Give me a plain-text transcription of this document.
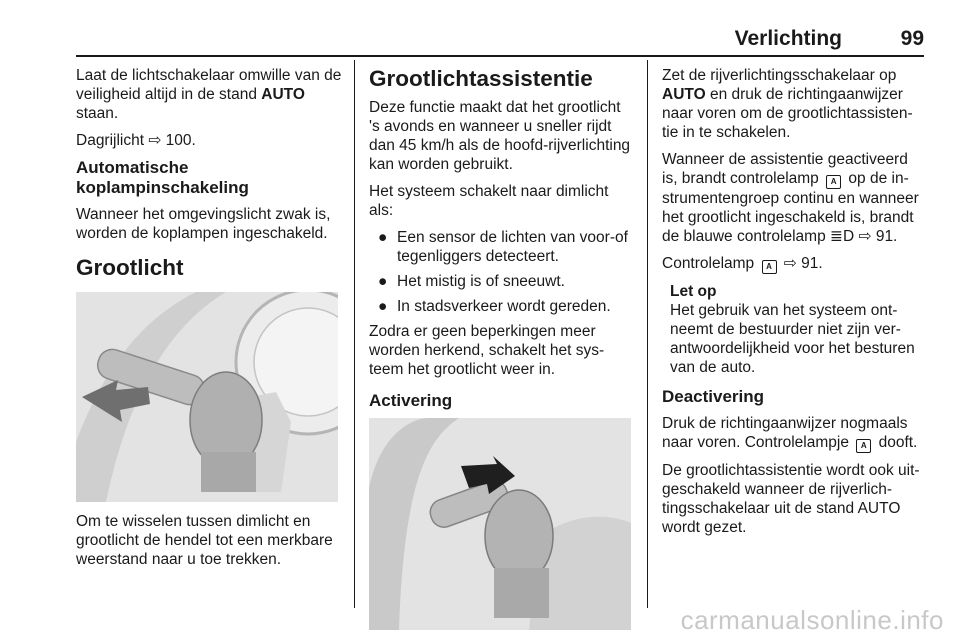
Verlichting	99

Laat de lichtschakelaar omwille van de veiligheid altijd in de stand AUTO staan.

Dagrijlicht ⇨ 100.

Automatische koplampinschakeling

Wanneer het omgevingslicht zwak is, worden de koplampen ingeschakeld.

Grootlicht

Om te wisselen tussen dimlicht en grootlicht de hendel tot een merkbare weerstand naar u toe trekken.

Grootlichtassistentie

Deze functie maakt dat het grootlicht 's avonds en wanneer u sneller rijdt dan 45 km/h als de hoofd-rijverlichting kan worden gebruikt.

Het systeem schakelt naar dimlicht als:

● Een sensor de lichten van voor-of tegenliggers detecteert.
● Het mistig is of sneeuwt.
● In stadsverkeer wordt gereden.

Zodra er geen beperkingen meer worden herkend, schakelt het sys-teem het grootlicht weer in.

Activering

Zet de rijverlichtingsschakelaar op AUTO en druk de richtingaanwijzer naar voren om de grootlichtassisten-tie in te schakelen.

Wanneer de assistentie geactiveerd is, brandt controlelamp A op de in-strumentengroep continu en wanneer het grootlicht ingeschakeld is, brandt de blauwe controlelamp ≣D ⇨ 91.

Controlelamp A ⇨ 91.

Let op

Het gebruik van het systeem ont-neemt de bestuurder niet zijn ver-antwoordelijkheid voor het besturen van de auto.

Deactivering

Druk de richtingaanwijzer nogmaals naar voren. Controlelampje A dooft.

De grootlichtassistentie wordt ook uit-geschakeld wanneer de rijverlich-tingsschakelaar uit de stand AUTO wordt gezet.

carmanualsonline.info
